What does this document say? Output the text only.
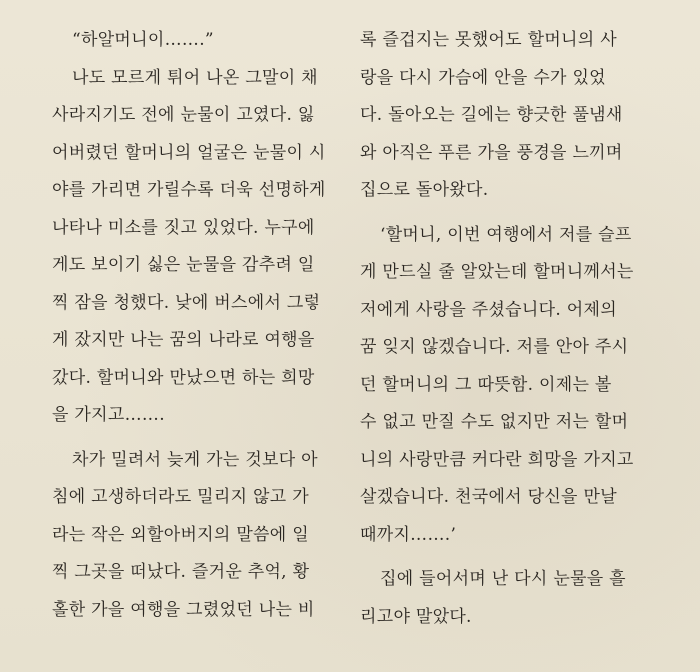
“하알머니이…….”
나도 모르게 튀어 나온 그말이 채
사라지기도 전에 눈물이 고였다. 잃
어버렸던 할머니의 얼굴은 눈물이 시
야를 가리면 가릴수록 더욱 선명하게
나타나 미소를 짓고 있었다. 누구에
게도 보이기 싫은 눈물을 감추려 일
찍 잠을 청했다. 낮에 버스에서 그렇
게 잤지만 나는 꿈의 나라로 여행을
갔다. 할머니와 만났으면 하는 희망
을 가지고…….
차가 밀려서 늦게 가는 것보다 아
침에 고생하더라도 밀리지 않고 가
라는 작은 외할아버지의 말씀에 일
찍 그곳을 떠났다. 즐거운 추억, 황
홀한 가을 여행을 그렸었던 나는 비
록 즐겁지는 못했어도 할머니의 사
랑을 다시 가슴에 안을 수가 있었
다. 돌아오는 길에는 향긋한 풀냄새
와 아직은 푸른 가을 풍경을 느끼며
집으로 돌아왔다.
‘할머니, 이번 여행에서 저를 슬프
게 만드실 줄 알았는데 할머니께서는
저에게 사랑을 주셨습니다. 어제의
꿈 잊지 않겠습니다. 저를 안아 주시
던 할머니의 그 따뜻함. 이제는 볼
수 없고 만질 수도 없지만 저는 할머
니의 사랑만큼 커다란 희망을 가지고
살겠습니다. 천국에서 당신을 만날
때까지…….’
집에 들어서며 난 다시 눈물을 흘
리고야 말았다.
